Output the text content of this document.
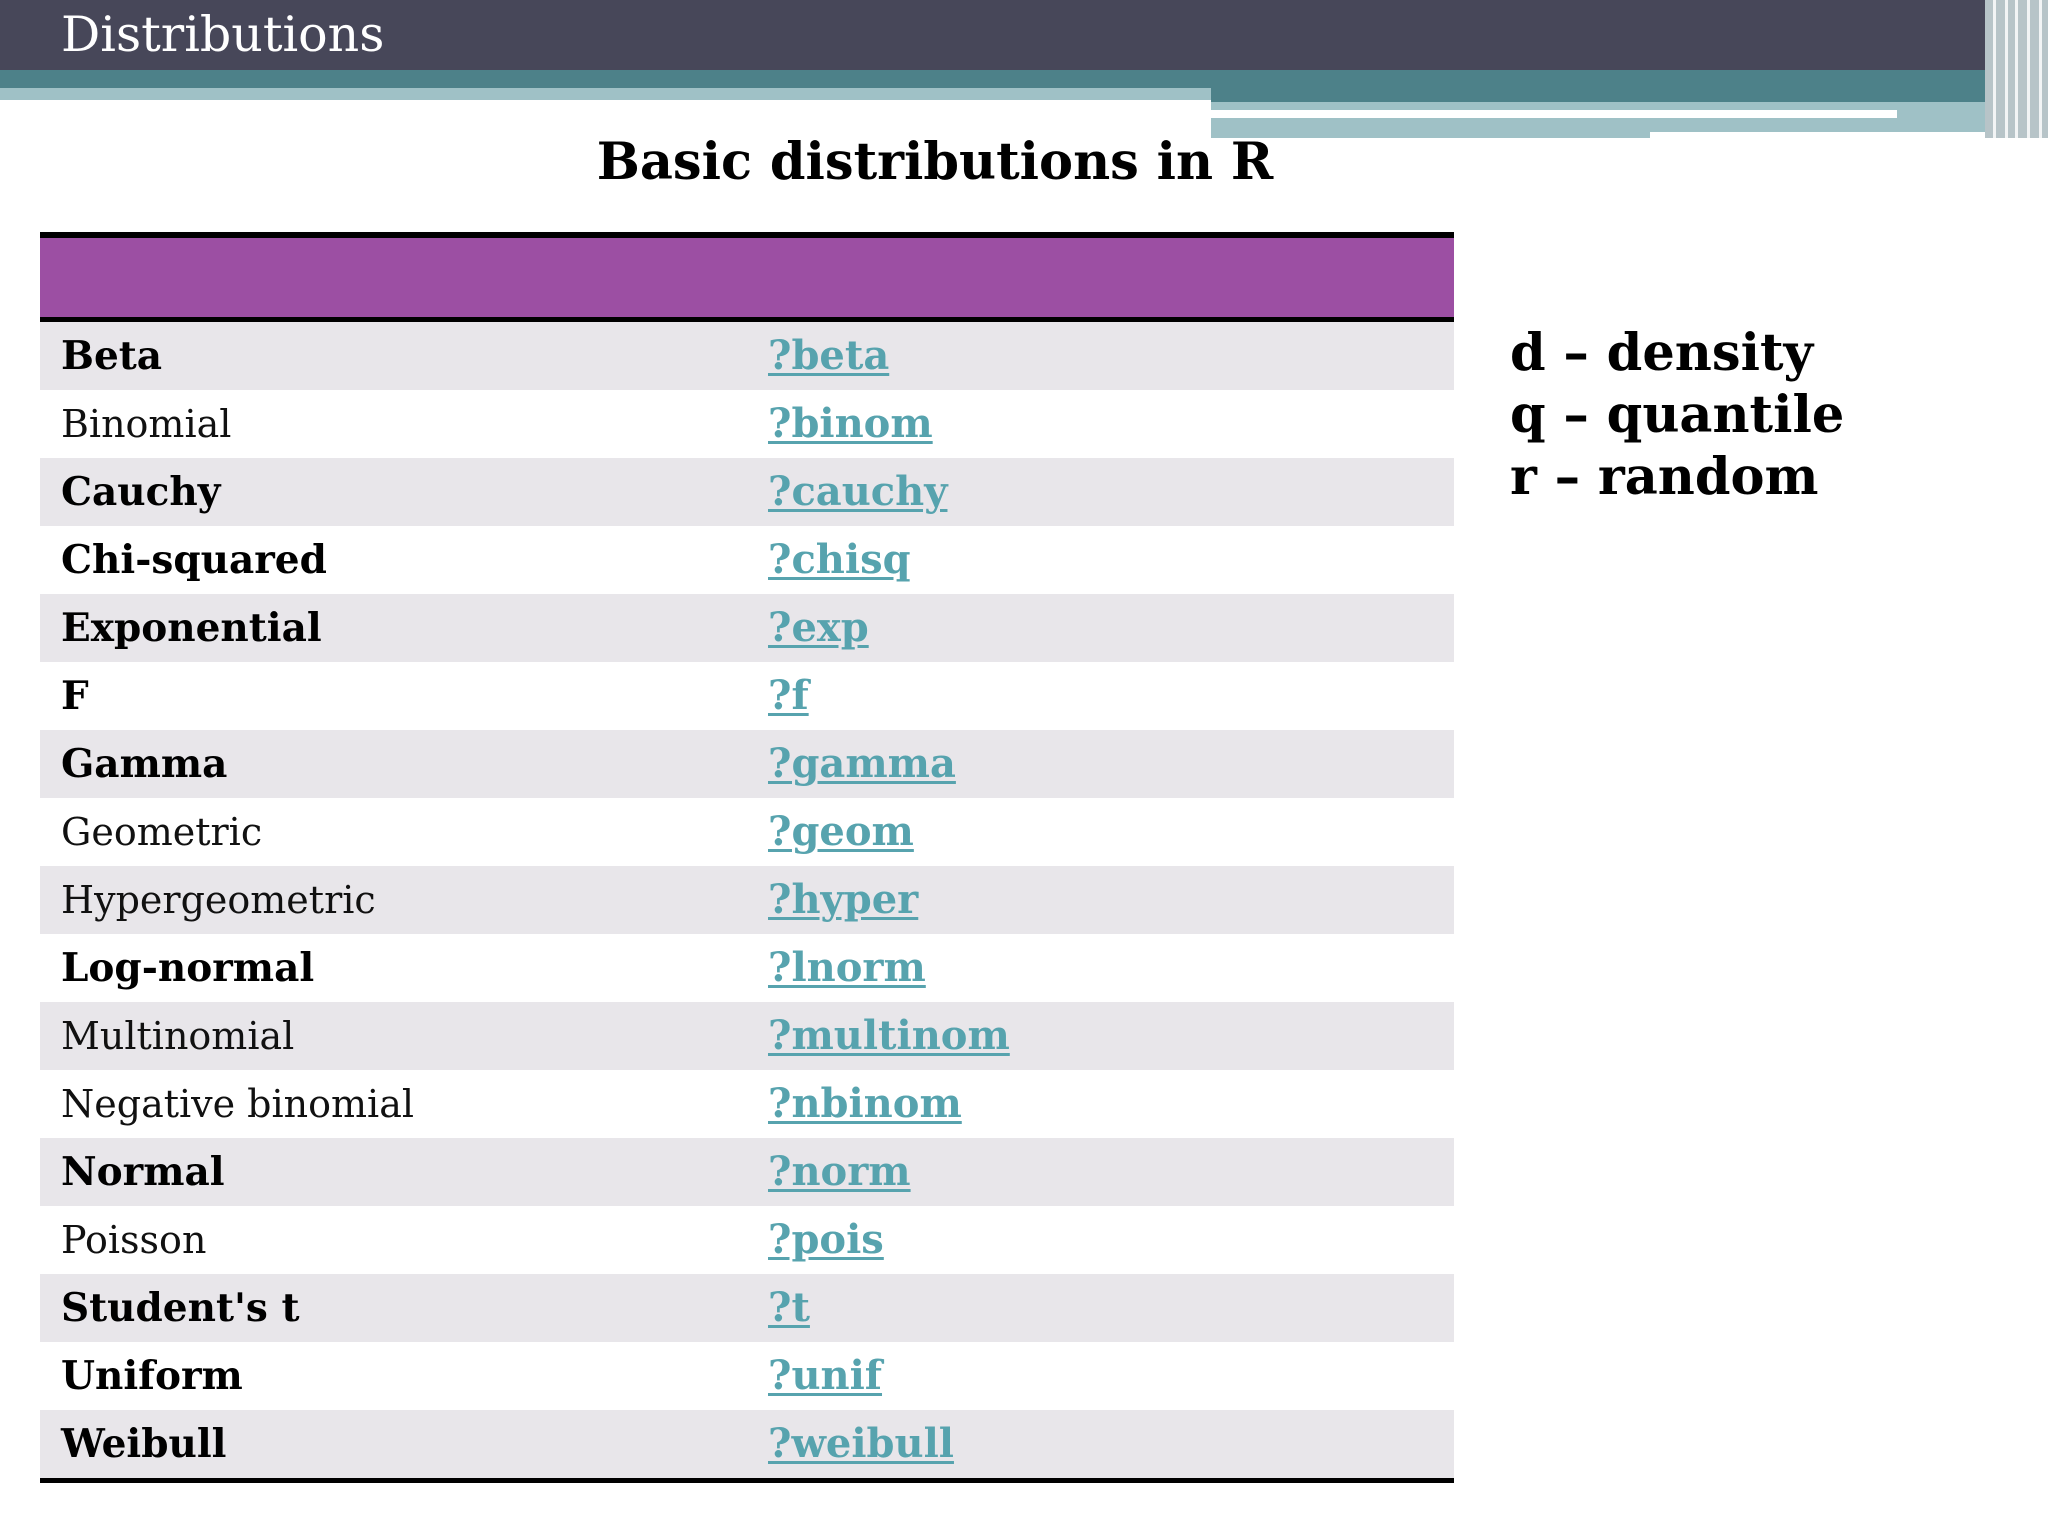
Distributions
Basic distributions in R
Beta	?beta
Binomial	?binom
Cauchy	?cauchy
Chi-squared	?chisq
Exponential	?exp
F	?f
Gamma	?gamma
Geometric	?geom
Hypergeometric	?hyper
Log-normal	?lnorm
Multinomial	?multinom
Negative binomial	?nbinom
Normal	?norm
Poisson	?pois
Student's t	?t
Uniform	?unif
Weibull	?weibull
d – density
q – quantile
r – random
